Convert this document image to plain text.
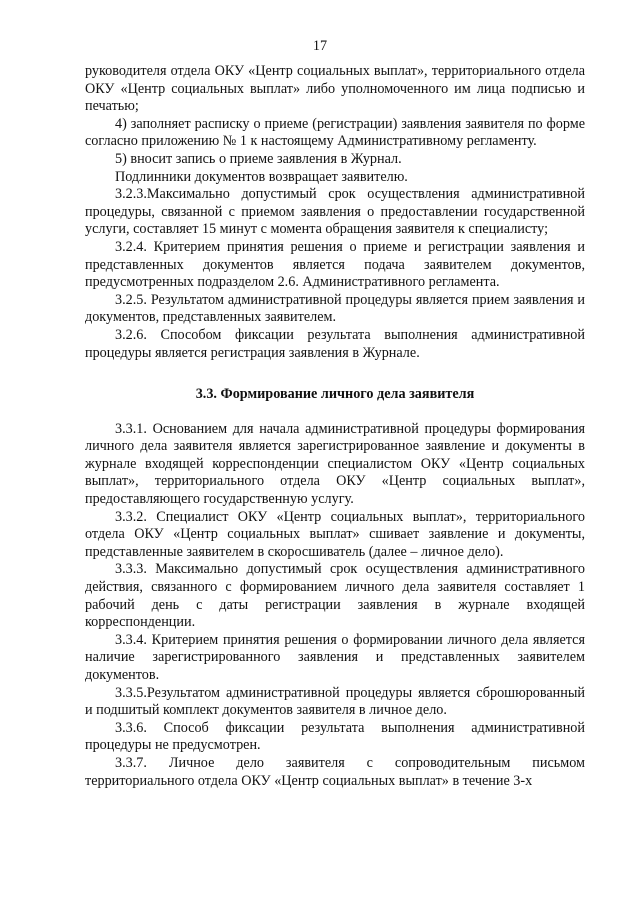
17

руководителя отдела ОКУ «Центр социальных выплат», территориального отдела ОКУ «Центр социальных выплат» либо уполномоченного им лица подписью и печатью;

4) заполняет расписку о приеме (регистрации) заявления заявителя по форме согласно приложению № 1 к настоящему Административному регламенту.

5) вносит запись о приеме заявления в Журнал.

Подлинники документов возвращает заявителю.

3.2.3.Максимально допустимый срок осуществления административной процедуры, связанной с приемом заявления о предоставлении государственной услуги, составляет 15 минут с момента обращения заявителя к специалисту;

3.2.4. Критерием принятия решения о приеме и регистрации заявления и представленных документов является подача заявителем документов, предусмотренных подразделом 2.6. Административного регламента.

3.2.5. Результатом административной процедуры является прием заявления и документов, представленных заявителем.

3.2.6. Способом фиксации результата выполнения административной процедуры является регистрация заявления в Журнале.

3.3. Формирование личного дела заявителя

3.3.1. Основанием для начала административной процедуры формирования личного дела заявителя является зарегистрированное заявление и документы в журнале входящей корреспонденции специалистом ОКУ «Центр социальных выплат», территориального отдела ОКУ «Центр социальных выплат», предоставляющего государственную услугу.

3.3.2. Специалист ОКУ «Центр социальных выплат», территориального отдела ОКУ «Центр социальных выплат» сшивает заявление и документы, представленные заявителем в скоросшиватель (далее – личное дело).

3.3.3. Максимально допустимый срок осуществления административного действия, связанного с формированием личного дела заявителя составляет 1 рабочий день с даты регистрации заявления в журнале входящей корреспонденции.

3.3.4. Критерием принятия решения о формировании личного дела является наличие зарегистрированного заявления и представленных заявителем документов.

3.3.5.Результатом административной процедуры является сброшюрованный и подшитый комплект документов заявителя в личное дело.

3.3.6. Способ фиксации результата выполнения административной процедуры не предусмотрен.

3.3.7. Личное дело заявителя с сопроводительным письмом территориального отдела ОКУ «Центр социальных выплат» в течение 3-х
